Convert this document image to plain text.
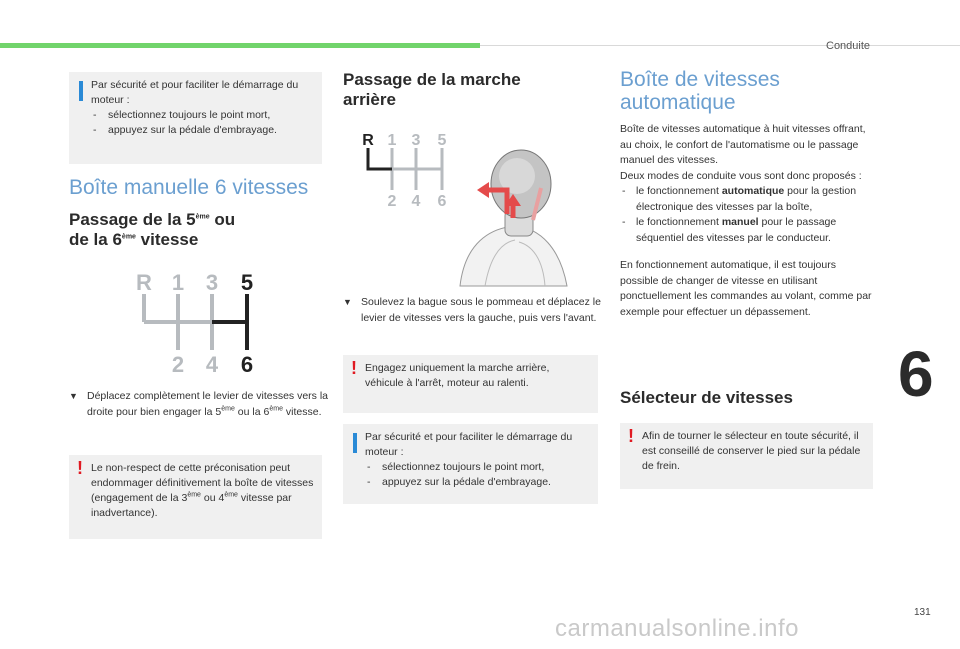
Conduite
6
131
carmanualsonline.info
Par sécurité et pour faciliter le démarrage du moteur :
- sélectionnez toujours le point mort,
- appuyez sur la pédale d'embrayage.
Boîte manuelle 6 vitesses
Passage de la 5ème ou
de la 6ème vitesse
R 1 3 5
2 4 6
▼ Déplacez complètement le levier de vitesses vers la droite pour bien engager la 5ème ou la 6ème vitesse.
! Le non-respect de cette préconisation peut endommager définitivement la boîte de vitesses (engagement de la 3ème ou 4ème vitesse par inadvertance).
Passage de la marche
arrière
R 1 3 5
2 4 6
▼ Soulevez la bague sous le pommeau et déplacez le levier de vitesses vers la gauche, puis vers l'avant.
! Engagez uniquement la marche arrière, véhicule à l'arrêt, moteur au ralenti.
Par sécurité et pour faciliter le démarrage du moteur :
- sélectionnez toujours le point mort,
- appuyez sur la pédale d'embrayage.
Boîte de vitesses
automatique
Boîte de vitesses automatique à huit vitesses offrant, au choix, le confort de l'automatisme ou le passage manuel des vitesses.
Deux modes de conduite vous sont donc proposés :
- le fonctionnement automatique pour la gestion électronique des vitesses par la boîte,
- le fonctionnement manuel pour le passage séquentiel des vitesses par le conducteur.
En fonctionnement automatique, il est toujours possible de changer de vitesse en utilisant ponctuellement les commandes au volant, comme par exemple pour effectuer un dépassement.
Sélecteur de vitesses
! Afin de tourner le sélecteur en toute sécurité, il est conseillé de conserver le pied sur la pédale de frein.
